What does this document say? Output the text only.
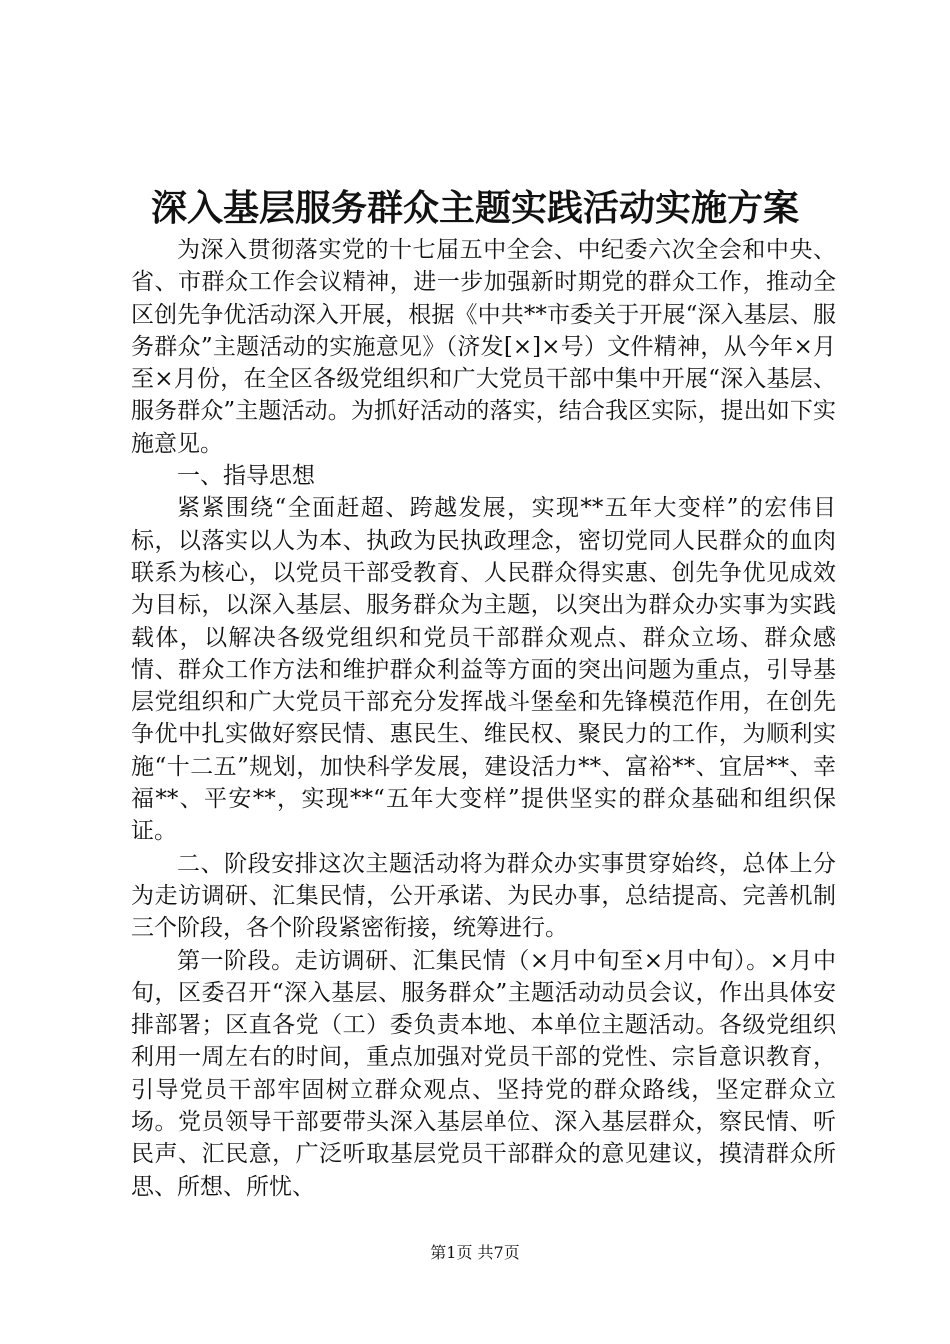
深入基层服务群众主题实践活动实施方案

为深入贯彻落实党的十七届五中全会、中纪委六次全会和中央、省、市群众工作会议精神，进一步加强新时期党的群众工作，推动全区创先争优活动深入开展，根据《中共**市委关于开展“深入基层、服务群众”主题活动的实施意见》（济发[×]×号）文件精神，从今年×月至×月份，在全区各级党组织和广大党员干部中集中开展“深入基层、服务群众”主题活动。为抓好活动的落实，结合我区实际，提出如下实施意见。

一、指导思想

紧紧围绕“全面赶超、跨越发展，实现**五年大变样”的宏伟目标，以落实以人为本、执政为民执政理念，密切党同人民群众的血肉联系为核心，以党员干部受教育、人民群众得实惠、创先争优见成效为目标，以深入基层、服务群众为主题，以突出为群众办实事为实践载体，以解决各级党组织和党员干部群众观点、群众立场、群众感情、群众工作方法和维护群众利益等方面的突出问题为重点，引导基层党组织和广大党员干部充分发挥战斗堡垒和先锋模范作用，在创先争优中扎实做好察民情、惠民生、维民权、聚民力的工作，为顺利实施“十二五”规划，加快科学发展，建设活力**、富裕**、宜居**、幸福**、平安**，实现**“五年大变样”提供坚实的群众基础和组织保证。

二、阶段安排这次主题活动将为群众办实事贯穿始终，总体上分为走访调研、汇集民情，公开承诺、为民办事，总结提高、完善机制三个阶段，各个阶段紧密衔接，统筹进行。

第一阶段。走访调研、汇集民情（×月中旬至×月中旬）。×月中旬，区委召开“深入基层、服务群众”主题活动动员会议，作出具体安排部署；区直各党（工）委负责本地、本单位主题活动。各级党组织利用一周左右的时间，重点加强对党员干部的党性、宗旨意识教育，引导党员干部牢固树立群众观点、坚持党的群众路线，坚定群众立场。党员领导干部要带头深入基层单位、深入基层群众，察民情、听民声、汇民意，广泛听取基层党员干部群众的意见建议，摸清群众所思、所想、所忧、

第1页 共7页
